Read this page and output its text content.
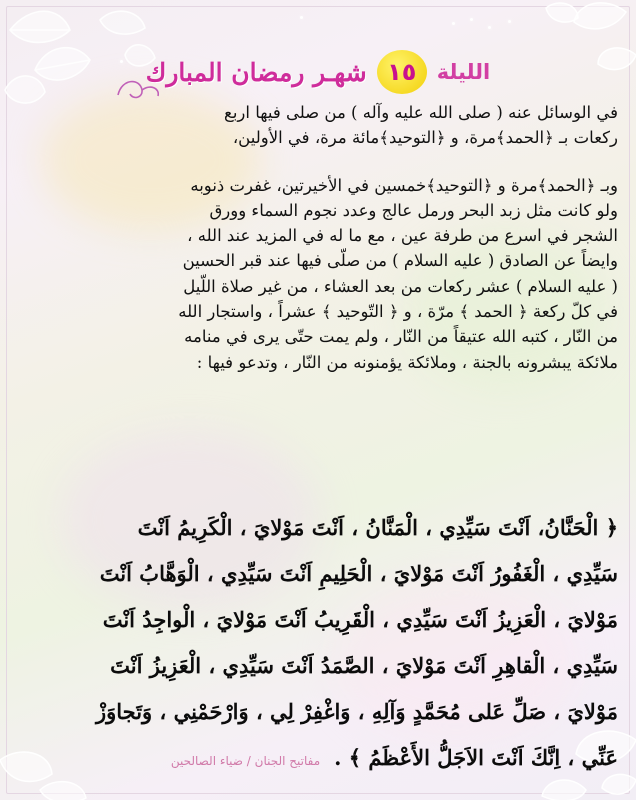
الليلة
١٥
شهـر رمضان المبارك
في الوسائل عنه ( صلى الله عليه وآله ) من صلى فيها اربع
ركعات بـ ﴿الحمد﴾مرة، و ﴿التوحيد﴾مائة مرة، في الأولين،
وبـ ﴿الحمد﴾مرة و ﴿التوحيد﴾خمسين في الأخيرتين، غفرت ذنوبه
ولو كانت مثل زبد البحر ورمل عالج وعدد نجوم السماء وورق
الشجر في اسرع من طرفة عين ، مع ما له في المزيد عند الله ،
وايضاً عن الصادق ( عليه السلام ) من صلّى فيها عند قبر الحسين
( عليه السلام ) عشر ركعات من بعد العشاء ، من غير صلاة اللّيل
في كلّ ركعة ﴿ الحمد ﴾ مرّة ، و ﴿ التّوحيد ﴾ عشراً ، واستجار الله
من النّار ، كتبه الله عتيقاً من النّار ، ولم يمت حتّى يرى في منامه
ملائكة يبشرونه بالجنة ، وملائكة يؤمنونه من النّار ، وتدعو فيها :
﴿ الْحَنَّانُ، اَنْتَ سَيِّدِي ، الْمَنَّانُ ، اَنْتَ مَوْلايَ ، الْكَرِيمُ اَنْتَ
سَيِّدِي ، الْغَفُورُ اَنْتَ مَوْلايَ ، الْحَلِيمِ اَنْتَ سَيِّدِي ، الْوَهَّابُ اَنْتَ
مَوْلايَ ، الْعَزِيزُ اَنْتَ سَيِّدِي ، الْقَرِيبُ اَنْتَ مَوْلايَ ، الْواجِدُ اَنْتَ
سَيِّدِي ، الْقاهِرِ اَنْتَ مَوْلايَ ، الصَّمَدُ اَنْتَ سَيِّدِي ، الْعَزِيزُ اَنْتَ
مَوْلايَ ، صَلِّ عَلى مُحَمَّدٍ وَآلِهِ ، وَاغْفِرْ لِي ، وَارْحَمْنِي ، وَتَجاوَزْ
عَنِّي ، اِنَّكَ اَنْتَ الاَجَلُّ الأَعْظَمُ ﴾ .مفاتيح الجنان / ضياء الصالحين
